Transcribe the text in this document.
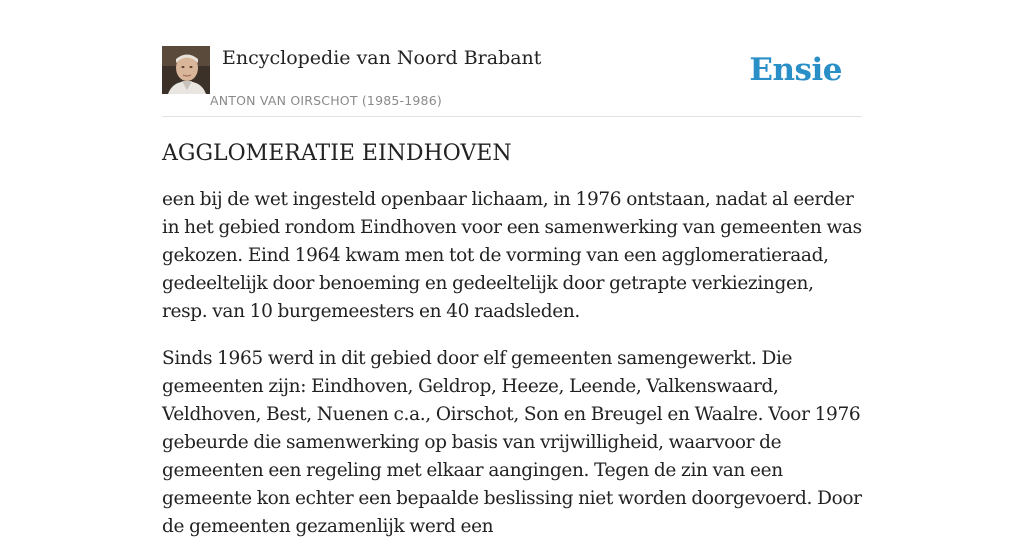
Encyclopedie van Noord Brabant
ANTON VAN OIRSCHOT (1985-1986)
Ensie
AGGLOMERATIE EINDHOVEN

een bij de wet ingesteld openbaar lichaam, in 1976 ontstaan, nadat al eerder in het gebied rondom Eindhoven voor een samenwerking van gemeenten was gekozen. Eind 1964 kwam men tot de vorming van een agglomeratieraad, gedeeltelijk door benoeming en gedeeltelijk door getrapte verkiezingen, resp. van 10 burgemeesters en 40 raadsleden.

Sinds 1965 werd in dit gebied door elf gemeenten samengewerkt. Die gemeenten zijn: Eindhoven, Geldrop, Heeze, Leende, Valkenswaard, Veldhoven, Best, Nuenen c.a., Oirschot, Son en Breugel en Waalre. Voor 1976 gebeurde die samenwerking op basis van vrijwilligheid, waarvoor de gemeenten een regeling met elkaar aangingen. Tegen de zin van een gemeente kon echter een bepaalde beslissing niet worden doorgevoerd. Door de gemeenten gezamenlijk werd een
